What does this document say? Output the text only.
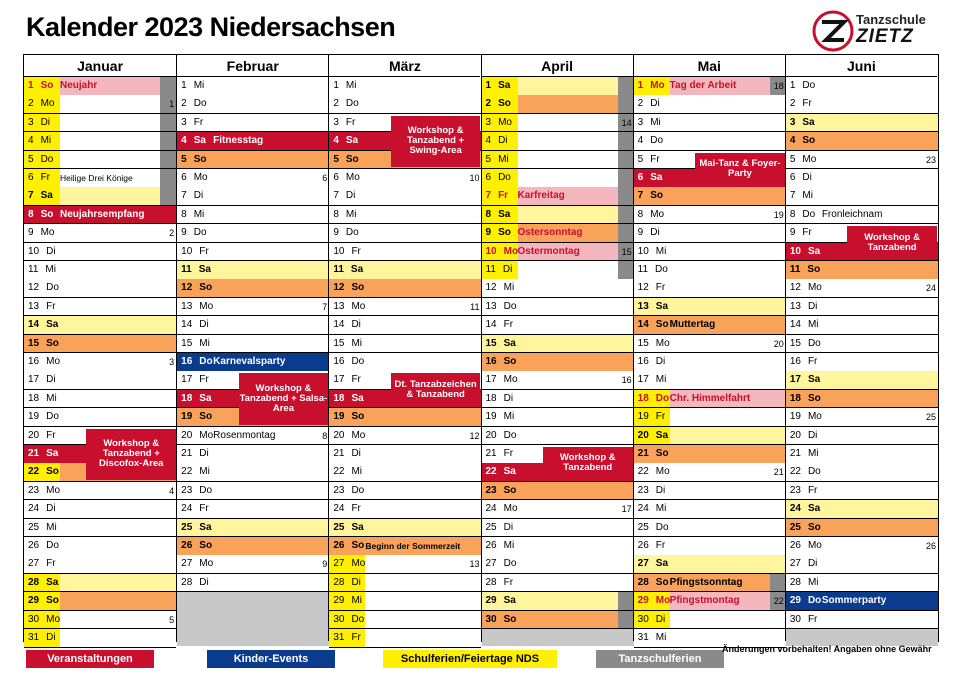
Kalender 2023 Niedersachsen	Tanzschule
ZIETZ
Januar
1 So Neujahr
2 Mo	1
3 Di
4 Mi
5 Do
6 Fr Heilige Drei Könige
7 Sa
8 So Neujahrsempfang
9 Mo	2
10 Di
11 Mi
12 Do
13 Fr
14 Sa
15 So
16 Mo	3
17 Di
18 Mi
19 Do
20 Fr
21 Sa
22 So
23 Mo	4
24 Di
25 Mi
26 Do
27 Fr
28 Sa
29 So
30 Mo	5
31 Di
Februar
1 Mi
2 Do
3 Fr
4 Sa Fitnesstag
5 So
6 Mo	6
7 Di
8 Mi
9 Do
10 Fr
11 Sa
12 So
13 Mo	7
14 Di
15 Mi
16 Do Karnevalsparty
17 Fr
18 Sa
19 So
20 Mo Rosenmontag	8
21 Di
22 Mi
23 Do
24 Fr
25 Sa
26 So
27 Mo	9
28 Di
März
1 Mi
2 Do
3 Fr
4 Sa
5 So
6 Mo	10
7 Di
8 Mi
9 Do
10 Fr
11 Sa
12 So
13 Mo	11
14 Di
15 Mi
16 Do
17 Fr
18 Sa
19 So
20 Mo	12
21 Di
22 Mi
23 Do
24 Fr
25 Sa
26 So Beginn der Sommerzeit
27 Mo	13
28 Di
29 Mi
30 Do
31 Fr
April
1 Sa
2 So
3 Mo	14
4 Di
5 Mi
6 Do
7 Fr Karfreitag
8 Sa
9 So Ostersonntag
10 Mo Ostermontag	15
11 Di
12 Mi
13 Do
14 Fr
15 Sa
16 So
17 Mo	16
18 Di
19 Mi
20 Do
21 Fr
22 Sa
23 So
24 Mo	17
25 Di
26 Mi
27 Do
28 Fr
29 Sa
30 So
Mai
1 Mo Tag der Arbeit	18
2 Di
3 Mi
4 Do
5 Fr
6 Sa
7 So
8 Mo	19
9 Di
10 Mi
11 Do
12 Fr
13 Sa
14 So Muttertag
15 Mo	20
16 Di
17 Mi
18 Do Chr. Himmelfahrt
19 Fr
20 Sa
21 So
22 Mo	21
23 Di
24 Mi
25 Do
26 Fr
27 Sa
28 So Pfingstsonntag
29 Mo Pfingstmontag	22
30 Di
31 Mi
Juni
1 Do
2 Fr
3 Sa
4 So
5 Mo	23
6 Di
7 Mi
8 Do Fronleichnam
9 Fr
10 Sa
11 So
12 Mo	24
13 Di
14 Mi
15 Do
16 Fr
17 Sa
18 So
19 Mo	25
20 Di
21 Mi
22 Do
23 Fr
24 Sa
25 So
26 Mo	26
27 Di
28 Mi
29 Do Sommerparty
30 Fr
Workshop & Tanzabend + Discofox-Area
Workshop & Tanzabend + Salsa-Area
Workshop & Tanzabend + Swing-Area
Dt. Tanzabzeichen & Tanzabend
Workshop & Tanzabend
Mai-Tanz & Foyer-Party
Workshop & Tanzabend
Veranstaltungen	Kinder-Events	Schulferien/Feiertage NDS	Tanzschulferien
Änderungen vorbehalten! Angaben ohne Gewähr
